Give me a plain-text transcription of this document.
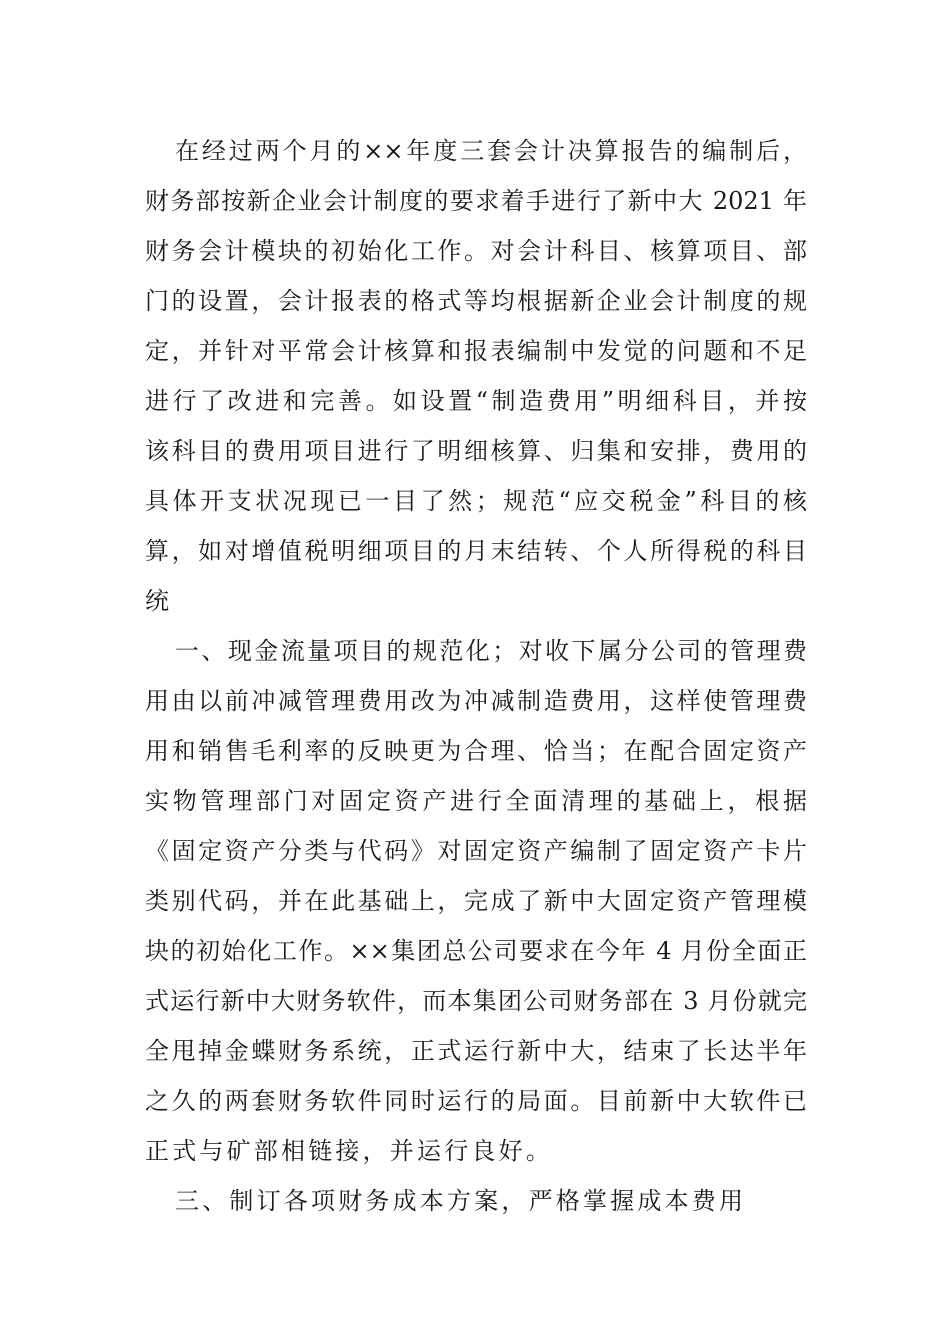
在经过两个月的××年度三套会计决算报告的编制后，
财务部按新企业会计制度的要求着手进行了新中大 2021 年
财务会计模块的初始化工作。对会计科目、核算项目、部
门的设置，会计报表的格式等均根据新企业会计制度的规
定，并针对平常会计核算和报表编制中发觉的问题和不足
进行了改进和完善。如设置“制造费用”明细科目，并按
该科目的费用项目进行了明细核算、归集和安排，费用的
具体开支状况现已一目了然；规范“应交税金”科目的核
算，如对增值税明细项目的月末结转、个人所得税的科目
统
一、现金流量项目的规范化；对收下属分公司的管理费
用由以前冲减管理费用改为冲减制造费用，这样使管理费
用和销售毛利率的反映更为合理、恰当；在配合固定资产
实物管理部门对固定资产进行全面清理的基础上，根据
《固定资产分类与代码》对固定资产编制了固定资产卡片
类别代码，并在此基础上，完成了新中大固定资产管理模
块的初始化工作。××集团总公司要求在今年 4 月份全面正
式运行新中大财务软件，而本集团公司财务部在 3 月份就完
全甩掉金蝶财务系统，正式运行新中大，结束了长达半年
之久的两套财务软件同时运行的局面。目前新中大软件已
正式与矿部相链接，并运行良好。
三、制订各项财务成本方案，严格掌握成本费用
